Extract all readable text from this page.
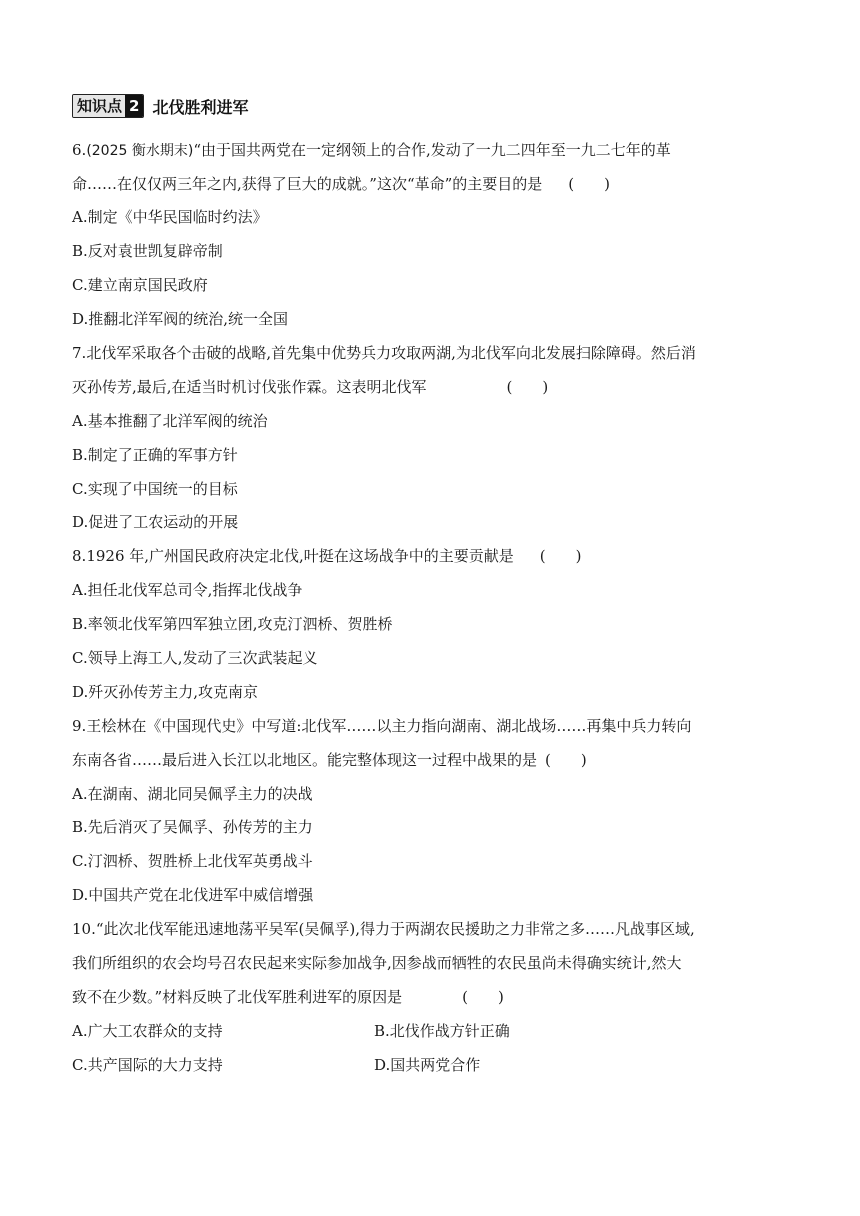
知识点 2 北伐胜利进军
6.(2025 衡水期末)“由于国共两党在一定纲领上的合作,发动了一九二四年至一九二七年的革
命……在仅仅两三年之内,获得了巨大的成就。”这次“革命”的主要目的是 (　　)
A.制定《中华民国临时约法》
B.反对袁世凯复辟帝制
C.建立南京国民政府
D.推翻北洋军阀的统治,统一全国
7.北伐军采取各个击破的战略,首先集中优势兵力攻取两湖,为北伐军向北发展扫除障碍。然后消
灭孙传芳,最后,在适当时机讨伐张作霖。这表明北伐军	(　　)
A.基本推翻了北洋军阀的统治
B.制定了正确的军事方针
C.实现了中国统一的目标
D.促进了工农运动的开展
8.1926 年,广州国民政府决定北伐,叶挺在这场战争中的主要贡献是 (　　)
A.担任北伐军总司令,指挥北伐战争
B.率领北伐军第四军独立团,攻克汀泗桥、贺胜桥
C.领导上海工人,发动了三次武装起义
D.歼灭孙传芳主力,攻克南京
9.王桧林在《中国现代史》中写道:北伐军……以主力指向湖南、湖北战场……再集中兵力转向
东南各省……最后进入长江以北地区。能完整体现这一过程中战果的是 (　　)
A.在湖南、湖北同吴佩孚主力的决战
B.先后消灭了吴佩孚、孙传芳的主力
C.汀泗桥、贺胜桥上北伐军英勇战斗
D.中国共产党在北伐进军中威信增强
10.“此次北伐军能迅速地荡平吴军(吴佩孚),得力于两湖农民援助之力非常之多……凡战事区域,
我们所组织的农会均号召农民起来实际参加战争,因参战而牺牲的农民虽尚未得确实统计,然大
致不在少数。”材料反映了北伐军胜利进军的原因是	(　　)
A.广大工农群众的支持	B.北伐作战方针正确
C.共产国际的大力支持	D.国共两党合作
